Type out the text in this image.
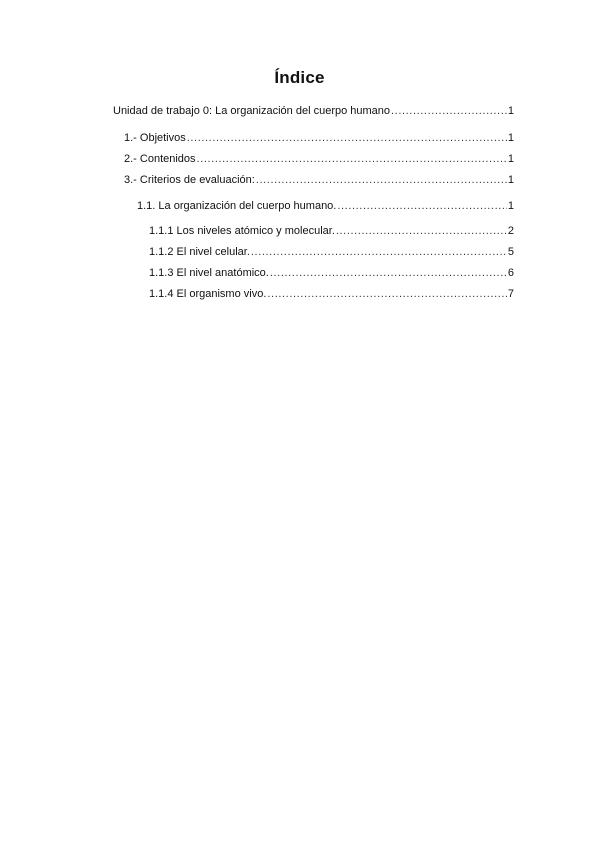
Índice
Unidad de trabajo 0: La organización del cuerpo humano .....	1
1.- Objetivos .....	1
2.- Contenidos .....	1
3.- Criterios de evaluación: .....	1
1.1. La organización del cuerpo humano. .....	1
1.1.1 Los niveles atómico y molecular. .....	2
1.1.2 El nivel celular. .....	5
1.1.3 El nivel anatómico. .....	6
1.1.4 El organismo vivo. .....	7
